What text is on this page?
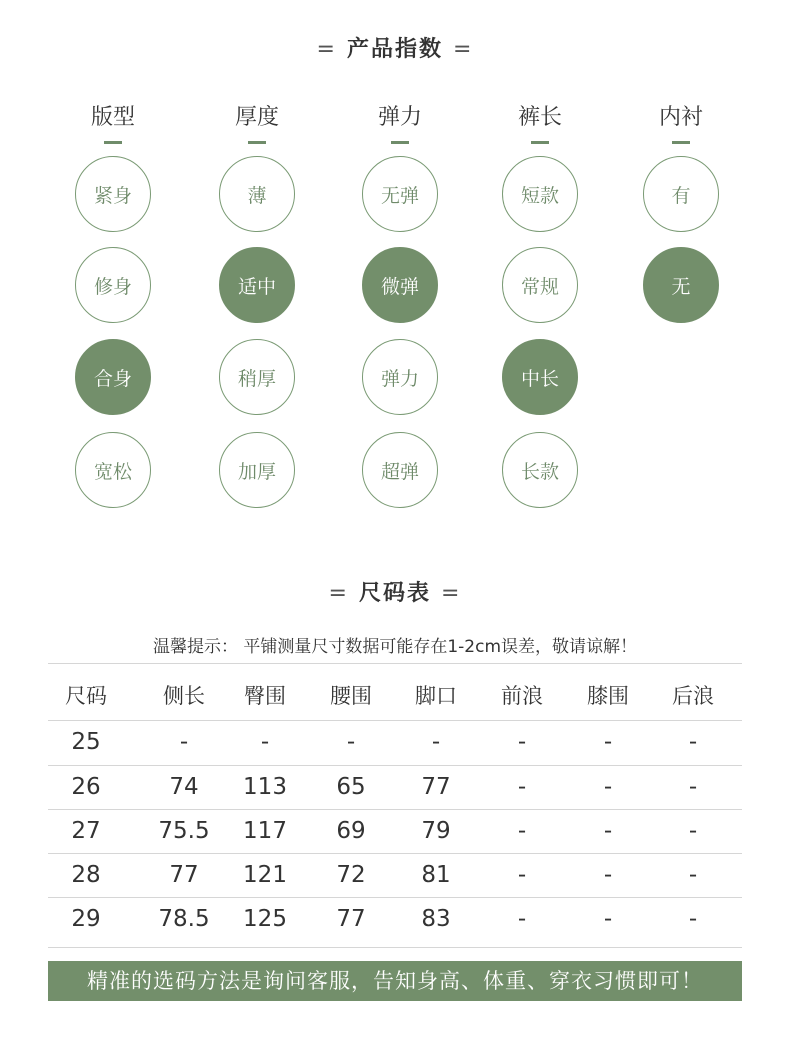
= 产品指数 =
版型
紧身
修身
合身
宽松
厚度
薄
适中
稍厚
加厚
弹力
无弹
微弹
弹力
超弹
裤长
短款
常规
中长
长款
内衬
有
无
= 尺码表 =
温馨提示： 平铺测量尺寸数据可能存在1-2cm误差，敬请谅解！
尺码	侧长	臀围	腰围	脚口	前浪	膝围	后浪
25	-	-	-	-	-	-	-
26	74	113	65	77	-	-	-
27	75.5	117	69	79	-	-	-
28	77	121	72	81	-	-	-
29	78.5	125	77	83	-	-	-
精准的选码方法是询问客服，告知身高、体重、穿衣习惯即可！
